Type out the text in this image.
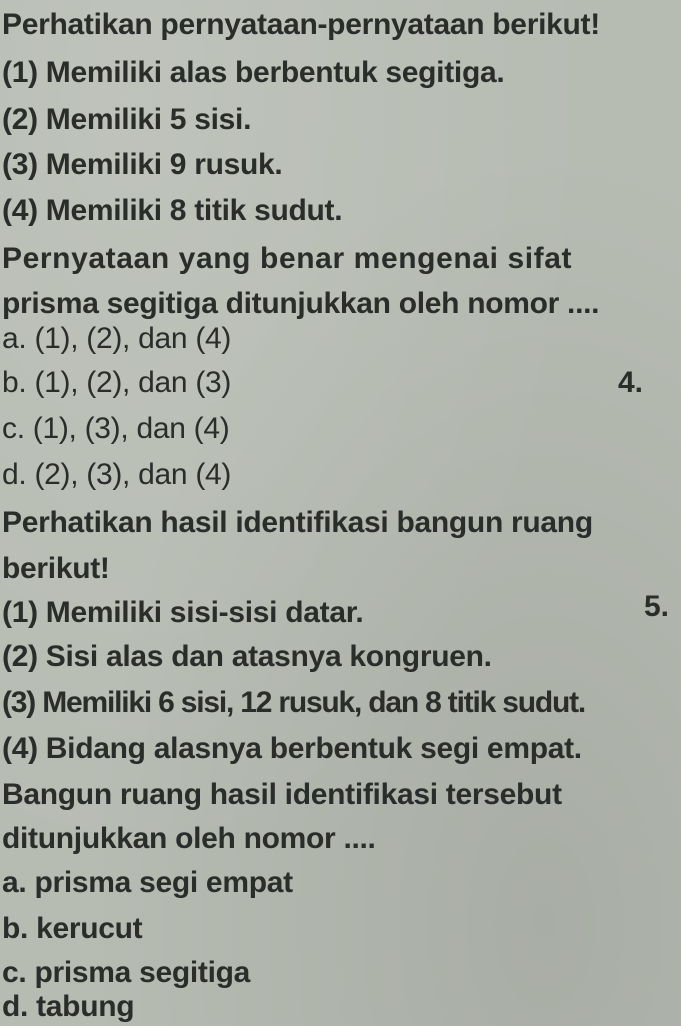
Perhatikan pernyataan-pernyataan berikut!
(1) Memiliki alas berbentuk segitiga.
(2) Memiliki 5 sisi.
(3) Memiliki 9 rusuk.
(4) Memiliki 8 titik sudut.
Pernyataan yang benar mengenai sifat
prisma segitiga ditunjukkan oleh nomor ....
a. (1), (2), dan (4)
b. (1), (2), dan (3)	4.
c. (1), (3), dan (4)
d. (2), (3), dan (4)
Perhatikan hasil identifikasi bangun ruang
berikut!
(1) Memiliki sisi-sisi datar.	5.
(2) Sisi alas dan atasnya kongruen.
(3) Memiliki 6 sisi, 12 rusuk, dan 8 titik sudut.
(4) Bidang alasnya berbentuk segi empat.
Bangun ruang hasil identifikasi tersebut
ditunjukkan oleh nomor ....
a. prisma segi empat
b. kerucut
c. prisma segitiga
d. tabung
